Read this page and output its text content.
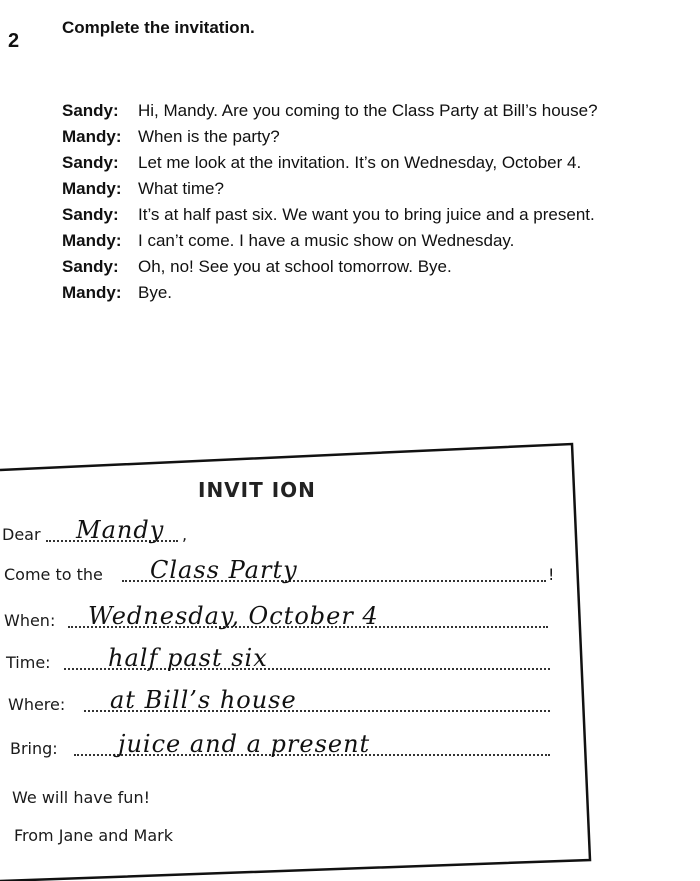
2
Complete the invitation.
Sandy:	Hi, Mandy. Are you coming to the Class Party at Bill’s house?
Mandy: When is the party?
Sandy:	Let me look at the invitation. It’s on Wednesday, October 4.
Mandy: What time?
Sandy:	It’s at half past six. We want you to bring juice and a present.
Mandy: I can’t come. I have a music show on Wednesday.
Sandy:	Oh, no! See you at school tomorrow. Bye.
Mandy: Bye.
INVIT ION
Dear Mandy ,
Come to the Class Party	!
When: Wednesday, October 4
Time: half past six
Where: at Bill’s house
Bring:	juice and a present
We will have fun!
From Jane and Mark
